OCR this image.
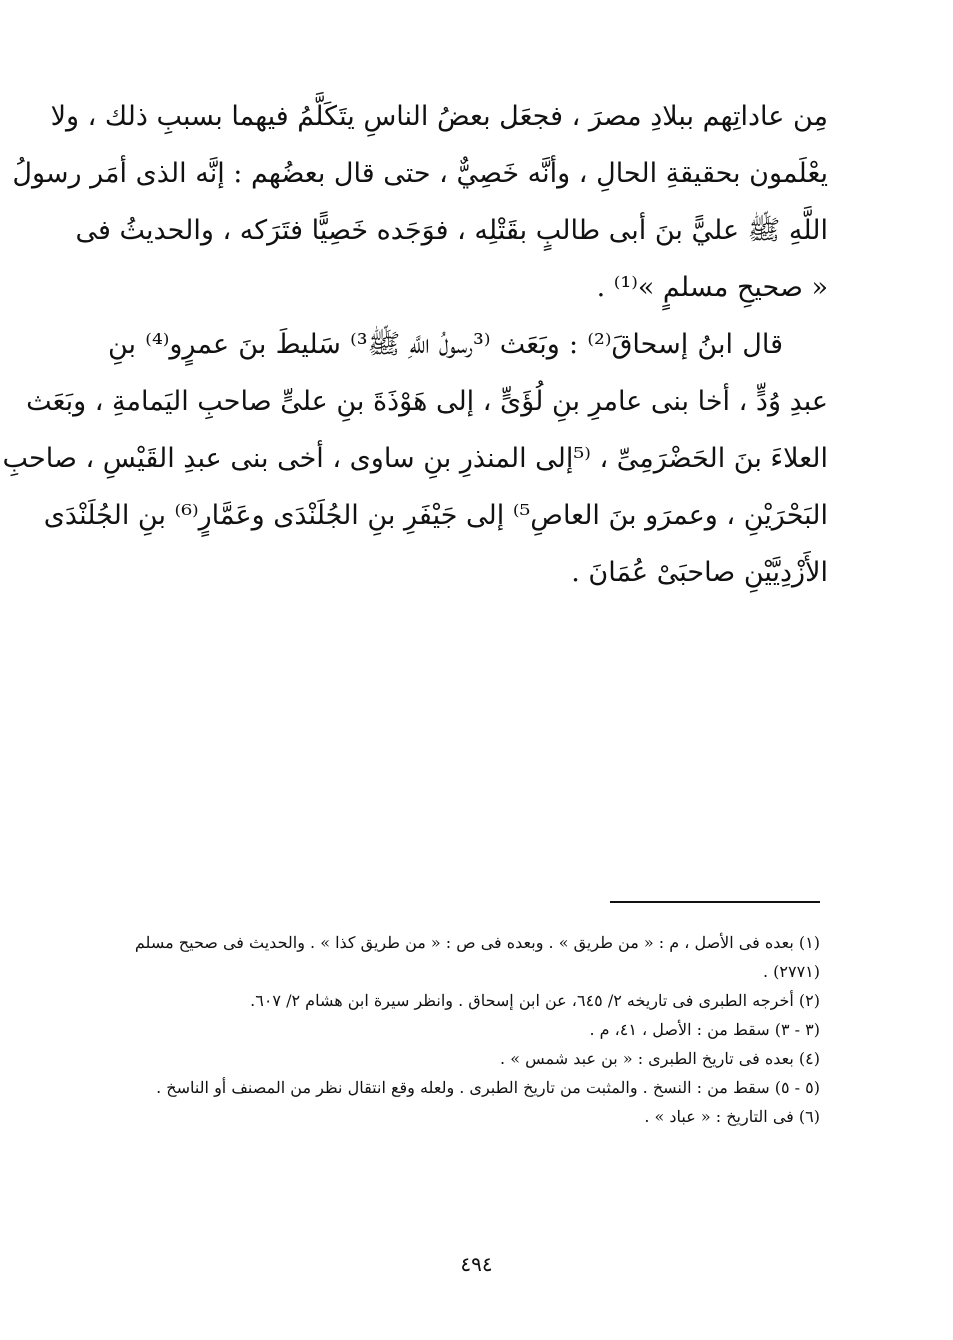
مِن عاداتِهم ببلادِ مصرَ ، فجعَل بعضُ الناسِ يتَكَلَّمُ فيهما بسببِ ذلك ، ولا
يعْلَمون بحقيقةِ الحالِ ، وأنَّه خَصِيٌّ ، حتى قال بعضُهم : إنَّه الذى أمَر رسولُ
اللَّهِ ﷺ عليًّ بنَ أبى طالبٍ بقَتْلِه ، فوَجَده خَصِيًّا فتَرَكه ، والحديثُ فى
« صحيحِ مسلمٍ »⁽¹⁾ .
قال ابنُ إسحاقَ⁽²⁾ : وبَعَث ⁽³رسولُ اللَّهِ ﷺ³⁾ سَليطَ بنَ عمرٍو⁽⁴⁾ بنِ
عبدِ وُدٍّ ، أخا بنى عامرِ بنِ لُؤَىٍّ ، إلى هَوْذَةَ بنِ علىٍّ صاحبِ اليَمامةِ ، وبَعَث
العلاءَ بنَ الحَضْرَمِىِّ ، ⁽⁵إلى المنذرِ بنِ ساوى ، أخى بنى عبدِ القَيْسِ ، صاحبِ
البَحْرَيْنِ ، وعمرَو بنَ العاصِ⁵⁾ إلى جَيْفَرِ بنِ الجُلَنْدَى وعَمَّارٍ⁽⁶⁾ بنِ الجُلَنْدَى
الأَزْدِيَّيْنِ صاحبَىْ عُمَانَ .
(١) بعده فى الأصل ، م : « من طريق » . وبعده فى ص : « من طريق كذا » . والحديث فى صحيح مسلم
(٢٧٧١) .
(٢) أخرجه الطبرى فى تاريخه ٢/ ٦٤٥، عن ابن إسحاق . وانظر سيرة ابن هشام ٢/ ٦٠٧.
(٣ - ٣) سقط من : الأصل ، ٤١، م .
(٤) بعده فى تاريخ الطبرى : « بن عبد شمس » .
(٥ - ٥) سقط من : النسخ . والمثبت من تاريخ الطبرى . ولعله وقع انتقال نظر من المصنف أو الناسخ .
(٦) فى التاريخ : « عباد » .
٤٩٤
